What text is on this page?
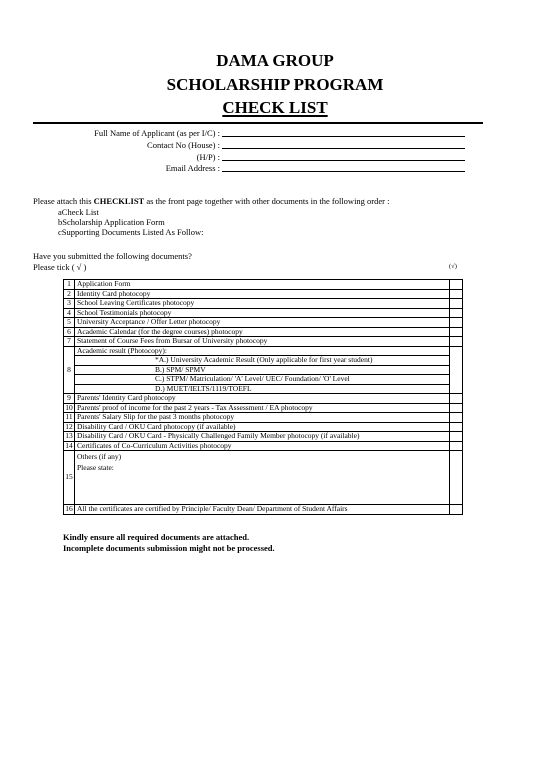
DAMA GROUP
SCHOLARSHIP PROGRAM
CHECK LIST
Full Name of Applicant (as per I/C) :
Contact No (House) :
(H/P) :
Email Address :
Please attach this CHECKLIST as the front page together with other documents in the following order :
aCheck List
bScholarship Application Form
cSupporting Documents Listed As Follow:
Have you submitted the following documents?
Please tick ( √ )	(√)
1	Application Form	
2	Identity Card photocopy	
3	School Leaving Certificates photocopy	
4	School Testimonials photocopy	
5	University Acceptance / Offer Letter photocopy	
6	Academic Calendar (for the degree courses) photocopy	
7	Statement of Course Fees from Bursar of University photocopy	
8	Academic result (Photocopy):	
	*A.) University Academic Result (Only applicable for first year student)	
	B.) SPM/ SPMV	
	C.) STPM/ Matriculation/ 'A' Level/ UEC/ Foundation/ 'O' Level	
	D.) MUET/IELTS/1119/TOEFL	
9	Parents' Identity Card photocopy	
10	Parents' proof of income for the past 2 years - Tax Assessment / EA photocopy	
11	Parents' Salary Slip for the past 3 months photocopy	
12	Disability Card / OKU Card photocopy (if available)	
13	Disability Card / OKU Card - Physically Challenged Family Member photocopy (if available)	
14	Certificates of Co-Curriculum Activities photocopy	
15	Others (if any)
Please state:	

16	All the certificates are certified by Principle/ Faculty Dean/ Department of Student Affairs	
Kindly ensure all required documents are attached.
Incomplete documents submission might not be processed.
